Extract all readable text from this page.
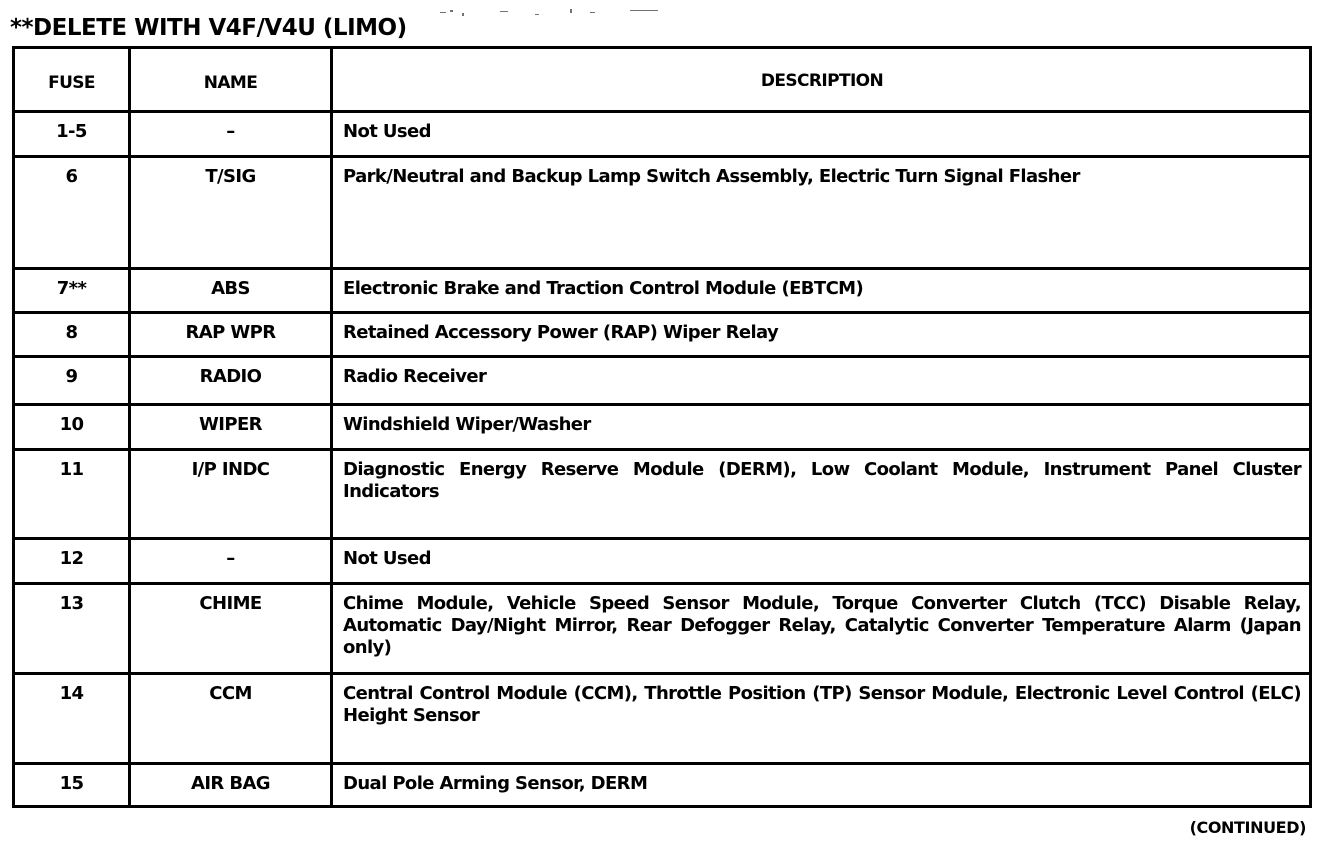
**DELETE WITH V4F/V4U (LIMO)
FUSE	NAME	DESCRIPTION
1-5	–	Not Used
6	T/SIG	Park/Neutral and Backup Lamp Switch Assembly, Electric Turn Signal Flasher
7**	ABS	Electronic Brake and Traction Control Module (EBTCM)
8	RAP WPR	Retained Accessory Power (RAP) Wiper Relay
9	RADIO	Radio Receiver
10	WIPER	Windshield Wiper/Washer
11	I/P INDC	Diagnostic Energy Reserve Module (DERM), Low Coolant Module, Instrument Panel Cluster Indicators
12	–	Not Used
13	CHIME	Chime Module, Vehicle Speed Sensor Module, Torque Converter Clutch (TCC) Disable Relay, Automatic Day/Night Mirror, Rear Defogger Relay, Catalytic Converter Temperature Alarm (Japan only)
14	CCM	Central Control Module (CCM), Throttle Position (TP) Sensor Module, Electronic Level Control (ELC) Height Sensor
15	AIR BAG	Dual Pole Arming Sensor, DERM
(CONTINUED)
